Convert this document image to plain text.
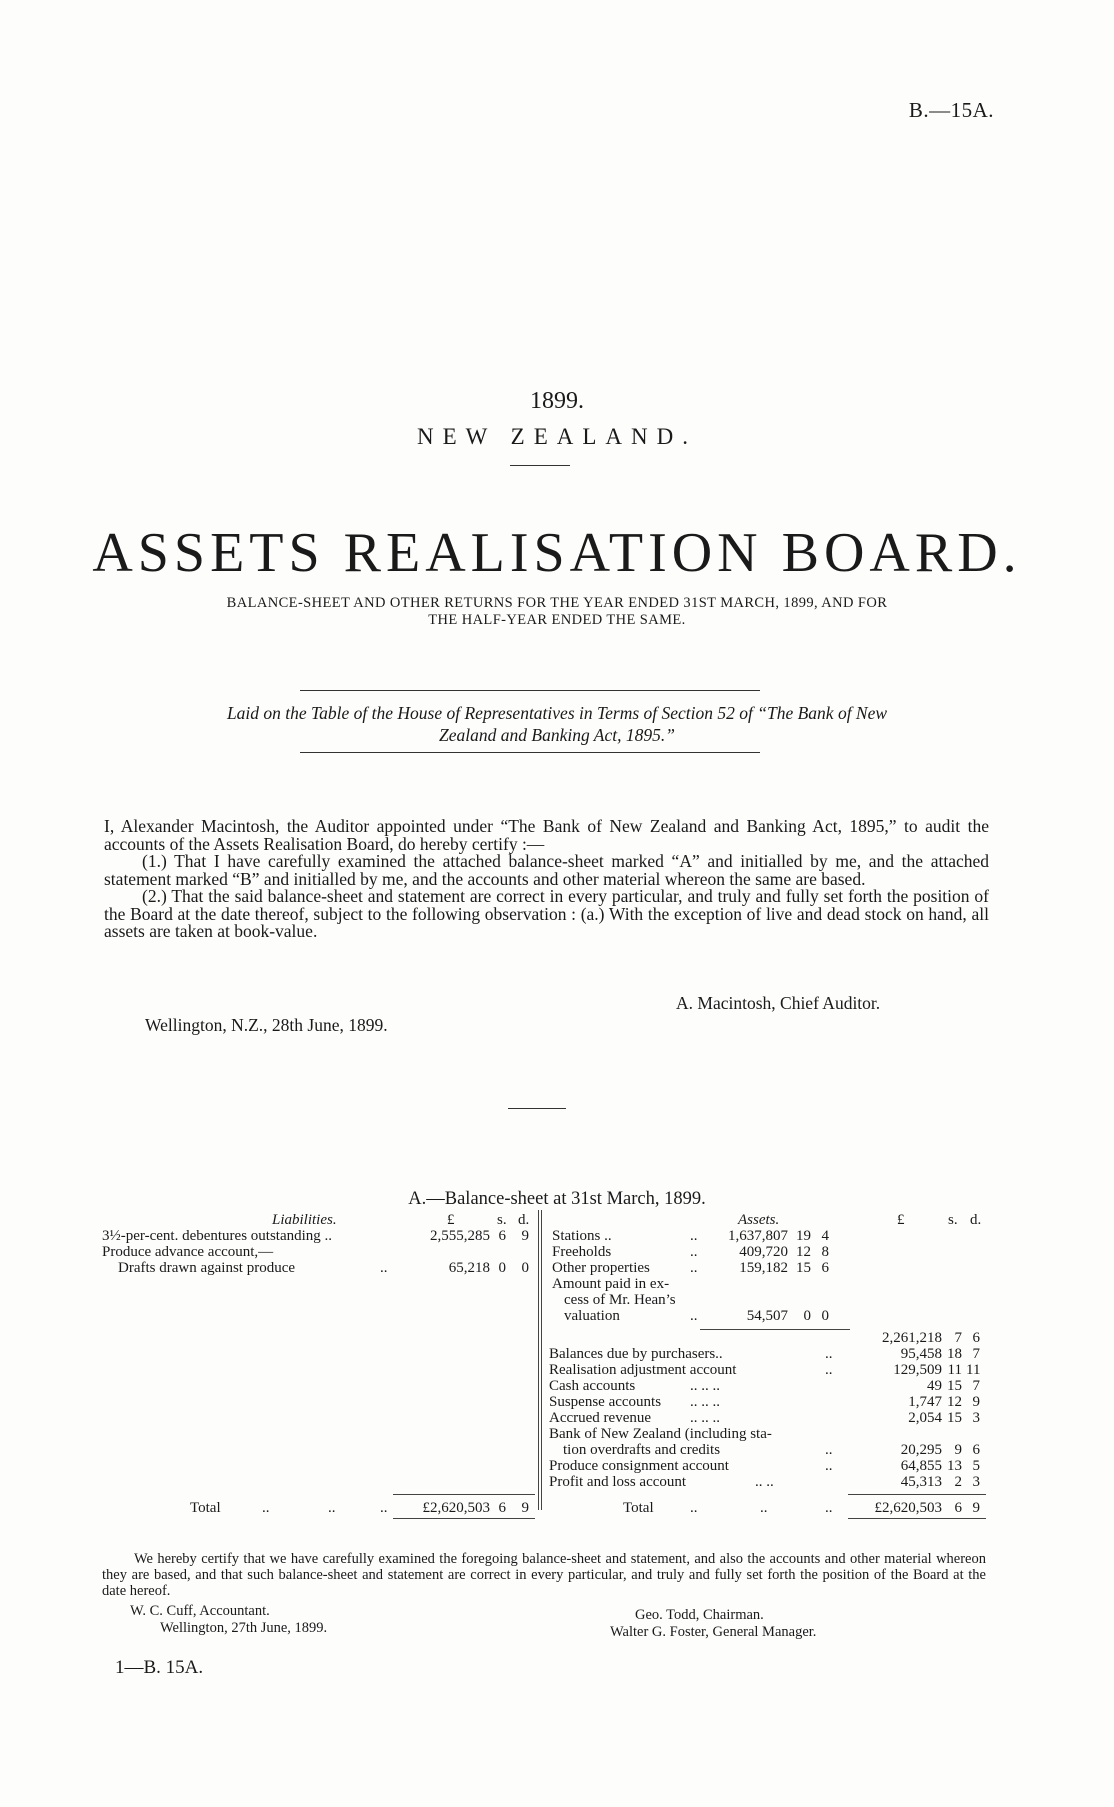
B.—15A.
1899.
NEW ZEALAND.
ASSETS REALISATION BOARD.
BALANCE-SHEET AND OTHER RETURNS FOR THE YEAR ENDED 31ST MARCH, 1899, AND FOR
THE HALF-YEAR ENDED THE SAME.
Laid on the Table of the House of Representatives in Terms of Section 52 of “The Bank of New
Zealand and Banking Act, 1895.”

I, Alexander Macintosh, the Auditor appointed under “The Bank of New Zealand and Banking Act, 1895,” to audit the accounts of the Assets Realisation Board, do hereby certify :—

(1.) That I have carefully examined the attached balance-sheet marked “A” and initialled by me, and the attached statement marked “B” and initialled by me, and the accounts and other material whereon the same are based.

(2.) That the said balance-sheet and statement are correct in every particular, and truly and fully set forth the position of the Board at the date thereof, subject to the following observation : (a.) With the exception of live and dead stock on hand, all assets are taken at book-value.

A. Macintosh, Chief Auditor.
Wellington, N.Z., 28th June, 1899.
A.—Balance-sheet at 31st March, 1899.
Liabilities.	£	s. d.	Assets.	£	s. d.
3½-per-cent. debentures outstanding ..	2,555,285 6	9
Produce advance account,—
Drafts drawn against produce	..	65,218 0	0
Stations ..	..	1,637,807 19 4
Freeholds	..	409,720 12 8
Other properties	..	159,182 15 6
Amount paid in ex-
cess of Mr. Hean’s
valuation	..	54,507	0 0
2,261,218 7 6
Balances due by purchasers..	..	95,458 18 7
Realisation adjustment account	..	129,509 11 11
Cash accounts	.. .. ..	49 15 7
Suspense accounts .. .. ..	1,747 12 9
Accrued revenue	.. .. ..	2,054 15 3
Bank of New Zealand (including sta-
tion overdrafts and credits	..	20,295 9 6
Produce consignment account	..	64,855 13 5
Profit and loss account	.. ..	45,313 2 3
Total	..	..	..	£2,620,503 6	9	Total ..	..	..	£2,620,503 6 9

We hereby certify that we have carefully examined the foregoing balance-sheet and statement, and also the accounts and other material whereon they are based, and that such balance-sheet and statement are correct in every particular, and truly and fully set forth the position of the Board at the date hereof.

W. C. Cuff, Accountant.
Wellington, 27th June, 1899.
Geo. Todd, Chairman.
Walter G. Foster, General Manager.
1—B. 15A.
